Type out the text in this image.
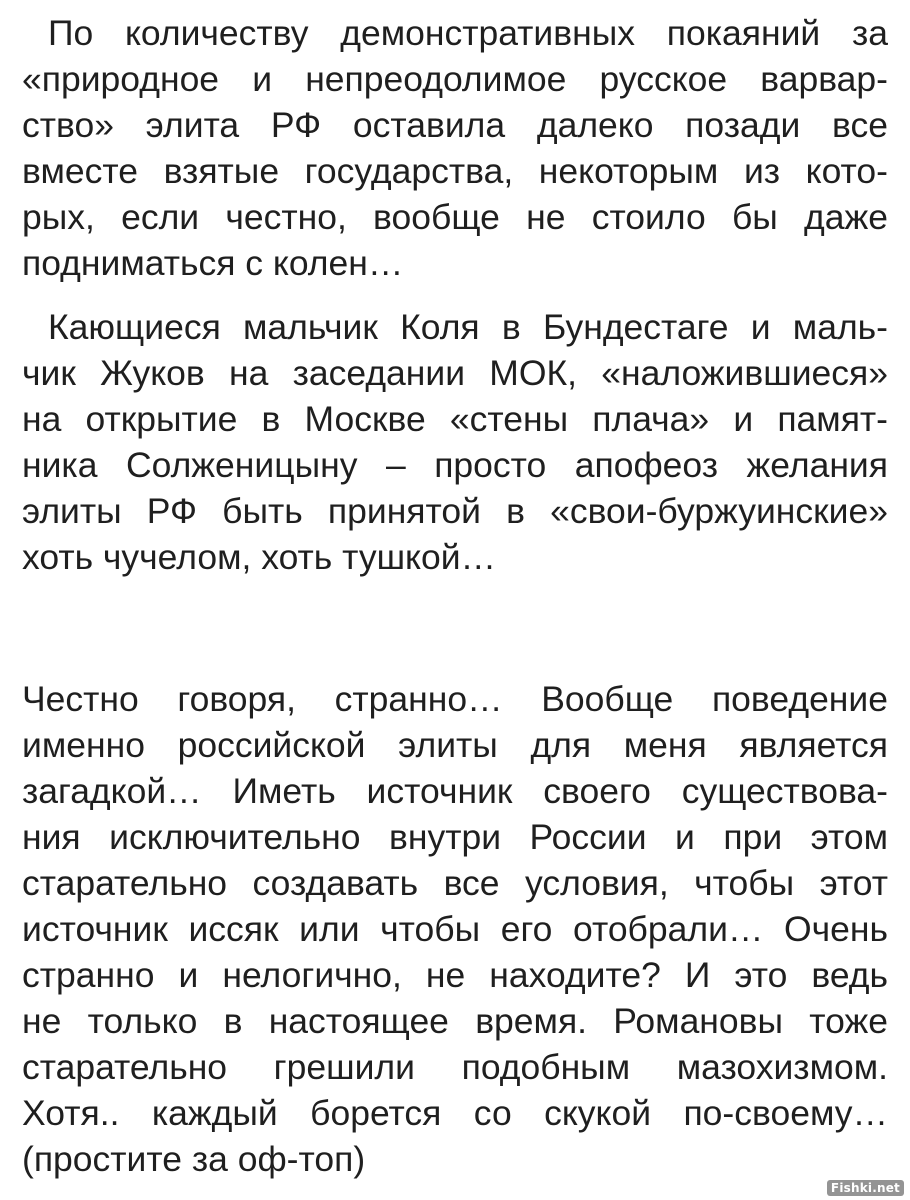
По количеству демонстративных покаяний за
«природное и непреодолимое русское варвар-
ство» элита РФ оставила далеко позади все
вместе взятые государства, некоторым из кото-
рых, если честно, вообще не стоило бы даже
подниматься с колен…
Кающиеся мальчик Коля в Бундестаге и маль-
чик Жуков на заседании МОК, «наложившиеся»
на открытие в Москве «стены плача» и памят-
ника Солженицыну – просто апофеоз желания
элиты РФ быть принятой в «свои-буржуинские»
хоть чучелом, хоть тушкой…
Честно говоря, странно… Вообще поведение
именно российской элиты для меня является
загадкой… Иметь источник своего существова-
ния исключительно внутри России и при этом
старательно создавать все условия, чтобы этот
источник иссяк или чтобы его отобрали… Очень
странно и нелогично, не находите? И это ведь
не только в настоящее время. Романовы тоже
старательно грешили подобным мазохизмом.
Хотя.. каждый борется со скукой по-своему…
(простите за оф-топ)
Fishki.net
